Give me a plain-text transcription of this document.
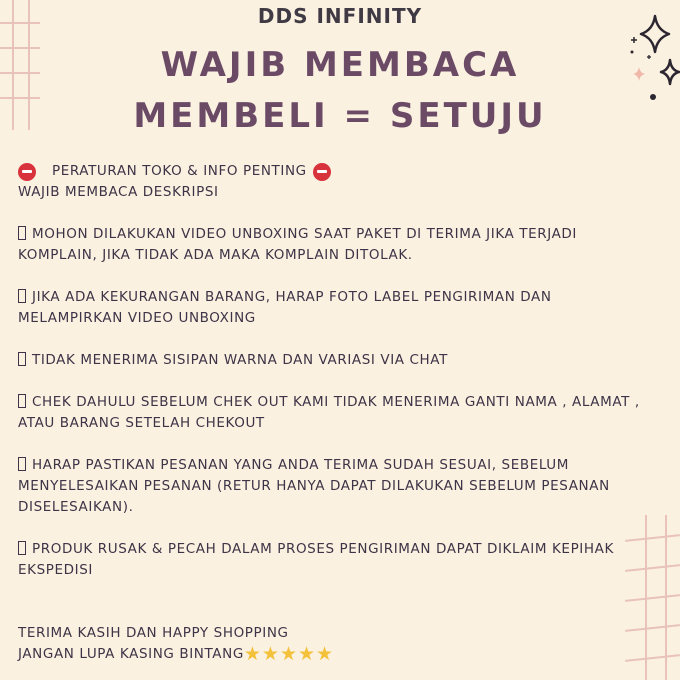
DDS INFINITY
WAJIB MEMBACA
MEMBELI = SETUJU
PERATURAN TOKO & INFO PENTING
WAJIB MEMBACA DESKRIPSI
MOHON DILAKUKAN VIDEO UNBOXING SAAT PAKET DI TERIMA JIKA TERJADI KOMPLAIN, JIKA TIDAK ADA MAKA KOMPLAIN DITOLAK.
JIKA ADA KEKURANGAN BARANG, HARAP FOTO LABEL PENGIRIMAN DAN MELAMPIRKAN VIDEO UNBOXING
TIDAK MENERIMA SISIPAN WARNA DAN VARIASI VIA CHAT
CHEK DAHULU SEBELUM CHEK OUT KAMI TIDAK MENERIMA GANTI NAMA , ALAMAT , ATAU BARANG SETELAH CHEKOUT
HARAP PASTIKAN PESANAN YANG ANDA TERIMA SUDAH SESUAI, SEBELUM MENYELESAIKAN PESANAN (RETUR HANYA DAPAT DILAKUKAN SEBELUM PESANAN DISELESAIKAN).
PRODUK RUSAK & PECAH DALAM PROSES PENGIRIMAN DAPAT DIKLAIM KEPIHAK EKSPEDISI
TERIMA KASIH DAN HAPPY SHOPPING
JANGAN LUPA KASING BINTANG★★★★★
